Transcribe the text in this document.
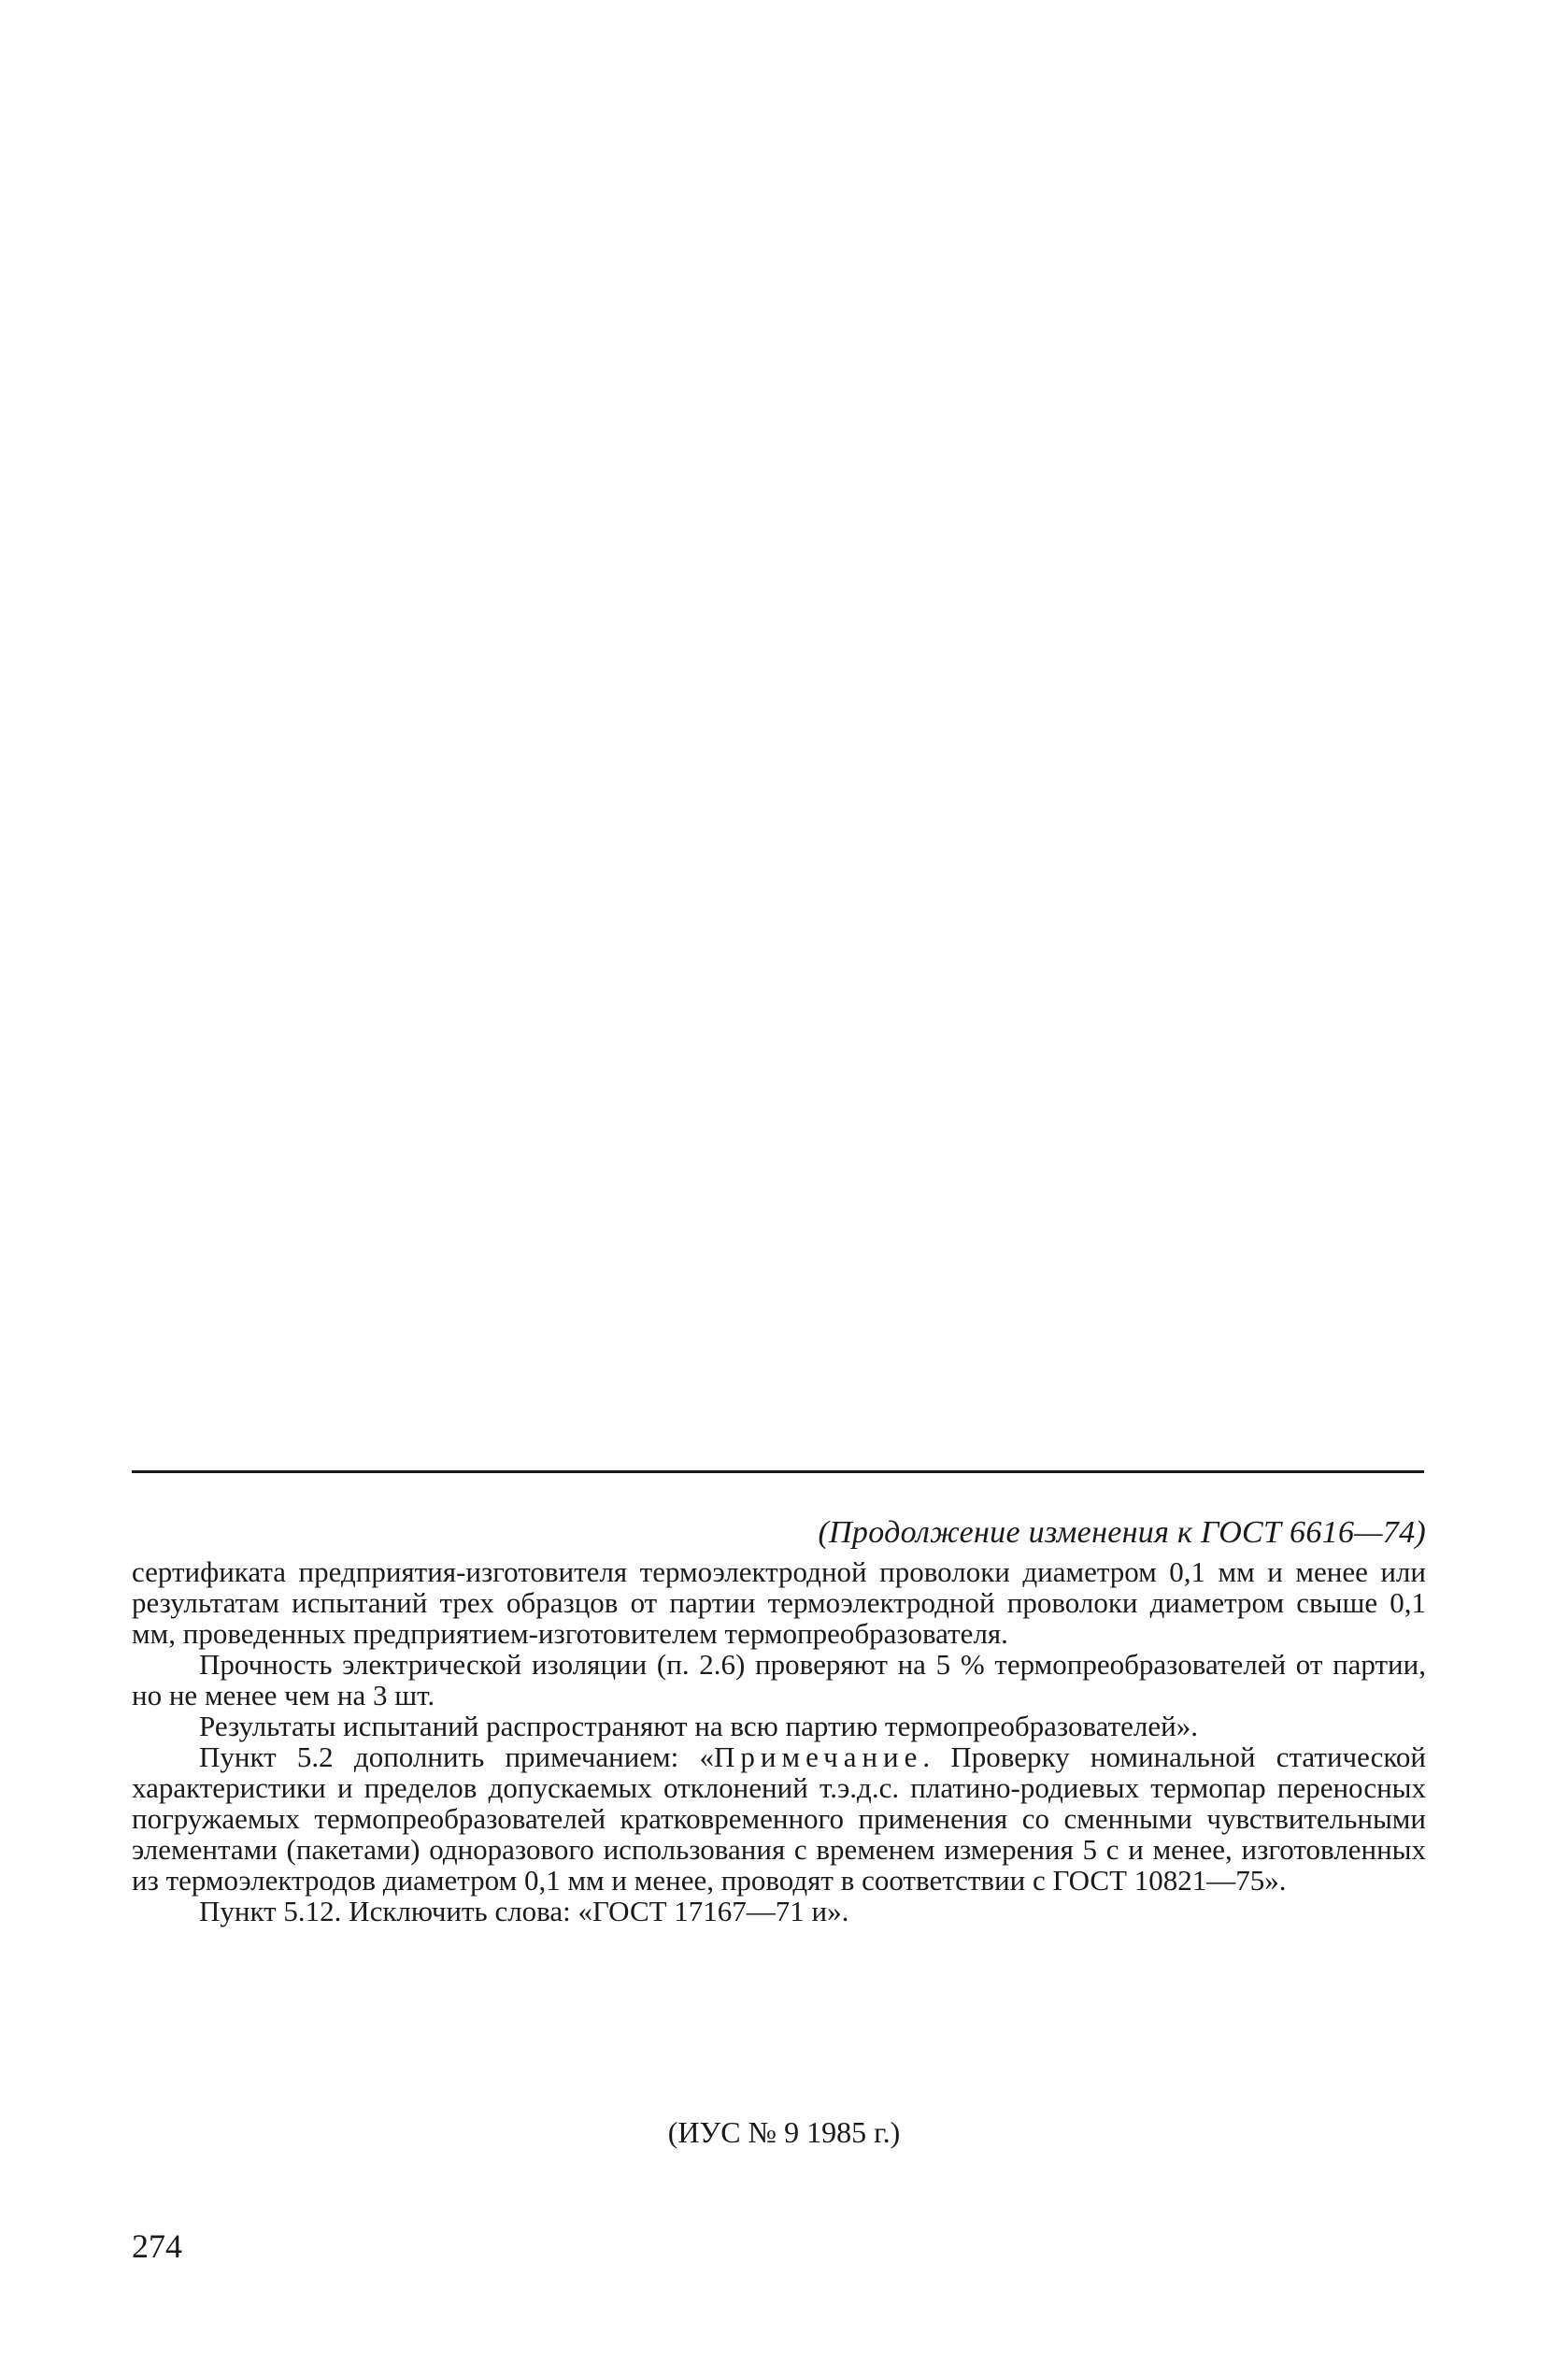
(Продолжение изменения к ГОСТ 6616—74)

сертификата предприятия-изготовителя термоэлектродной проволоки диаметром 0,1 мм и менее или результатам испытаний трех образцов от партии термоэлектродной проволоки диаметром свыше 0,1 мм, проведенных предприятием-изготовителем термопреобразователя.

Прочность электрической изоляции (п. 2.6) проверяют на 5 % термопреобразователей от партии, но не менее чем на 3 шт.

Результаты испытаний распространяют на всю партию термопреобразователей».

Пункт 5.2 дополнить примечанием: «Примечание. Проверку номинальной статической характеристики и пределов допускаемых отклонений т.э.д.с. платино-родиевых термопар переносных погружаемых термопреобразователей кратковременного применения со сменными чувствительными элементами (пакетами) одноразового использования с временем измерения 5 с и менее, изготовленных из термоэлектродов диаметром 0,1 мм и менее, проводят в соответствии с ГОСТ 10821—75».

Пункт 5.12. Исключить слова: «ГОСТ 17167—71 и».

(ИУС № 9 1985 г.)
274
